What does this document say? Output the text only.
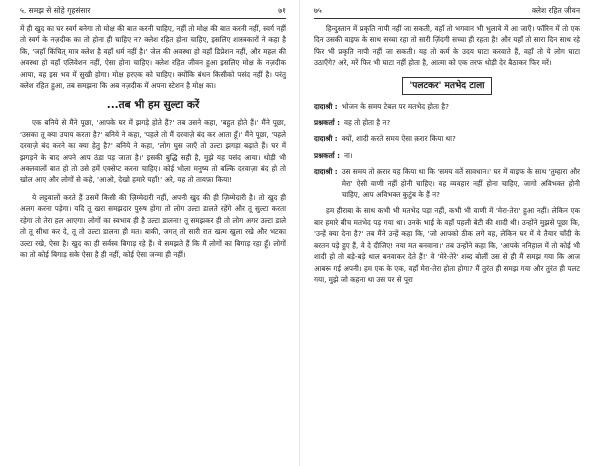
५. समझ से सोहे गृहसंसार	७१

में ही खुद का घर स्वर्ग बनेगा तो मोक्ष की बात करनी चाहिए, नहीं तो मोक्ष की बात करनी नहीं, स्वर्ग नहीं तो स्वर्ग के नज़दीक का तो होना ही चाहिए न? क्लेश रहित होना चाहिए, इसलिए शास्त्रकारों ने कहा है कि, 'जहाँ किंचित् मात्र क्लेश है वहाँ धर्म नहीं है।' जेल की अवस्था हो वहाँ डिप्रेशन नहीं, और महल की अवस्था हो वहाँ एलिवेशन नहीं, ऐसा होना चाहिए। क्लेश रहित जीवन हुआ इसलिए मोक्ष के नज़दीक आया, वह इस भव में सुखी होगा। मोक्ष हरएक को चाहिए। क्योंकि बंधन किसीको पसंद नहीं है। परंतु क्लेश रहित हुआ, तब समझना कि अब नज़दीक में अपना स्टेशन है मोक्ष का।

...तब भी हम सुल्टा करें

एक बनिये से मैंने पूछा, 'आपके घर में झगड़े होते हैं?' तब उसने कहा, 'बहुत होते हैं।' मैंने पूछा, 'उसका तू क्या उपाय करता है?' बनिये ने कहा, 'पहले तो मैं दरवाज़े बंद कर आता हूँ।' मैंने पूछा, 'पहले दरवाज़े बंद करने का क्या हेतु है?' बनिये ने कहा, 'लोग घुस जाएँ तो उल्टा झगड़ा बढ़ाते हैं। घर में झगड़ने के बाद अपने आप ठंडा पड़ जाता है।' इसकी बुद्धि सही है, मुझे यह पसंद आया। थोड़ी भी अक्लवालों बात हो तो उसे हमें एक्सेप्ट करना चाहिए। कोई भोला मनुष्य तो बल्कि दरवाज़ा बंद हो तो खोल आए और लोगों से कहे, 'आओ, देखो हमारे यहाँ!' अरे, यह तो तायफ़ा किया!

ये लट्टवालों करते हैं उसमें किसी की ज़िम्मेदारी नहीं, अपनी खुद की ही ज़िम्मेदारी है। तो खुद ही अलग करना पड़ेगा। यदि तू खरा समझदार पुरुष होगा तो लोग उल्टा डालते रहेंगे और तू सुल्टा करता रहेगा तो तेरा हल आएगा। लोगों का स्वभाव ही है उल्टा डालना! तू समझकर ही तो लोग अगर उल्टा डाले तो तू सीधा कर दे, तू तो उल्टा डालना ही मत। बाकी, जगत् तो सारी रात खत्म खुला रखे और भटका उल्टा रखे, ऐसा है। खुद का ही सर्वस्व बिगाड़ रहे हैं। ये समझते हैं कि मैं लोगों का बिगाड़ रहा हूँ। लोगों का तो कोई बिगाड़ सके ऐसा है ही नहीं, कोई ऐसा जन्मा ही नहीं।

७५	क्लेश रहित जीवन

हिन्दुस्तान में प्रकृति नापी नहीं जा सकती, वहाँ तो भगवान भी भुलावे में आ जाएँ। फॉरिन में तो एक दिन उसकी वाइफ के साथ सच्चा रहा तो सारी ज़िंदगी सच्चा ही रहता है! और यहाँ तो सारा दिन साथ रहे फिर भी प्रकृति नापी नहीं जा सकती। यह तो कर्म के उदय घाटा करवाते हैं, वहाँ तो ये लोग घाटा उठाएँगे? अरे, मरें फिर भी घाटा नहीं होता है, आत्मा को एक तरफ थोड़ी देर बैठाकर फिर मरें।

'पलटकर' मतभेद टाला
दादाश्री : भोजन के समय टेबल पर मतभेद होता है?
प्रश्नकर्ता : वह तो होता है न?
दादाश्री : क्यों, शादी करते समय ऐसा क़रार किया था?
प्रश्नकर्ता : ना।
दादाश्री : उस समय तो क़रार यह किया था कि 'समय वर्ते सावधान।' घर में वाइफ के साथ 'तुम्हारा और मेरा' ऐसी वाणी नहीं होनी चाहिए। वह व्यवहार नहीं होना चाहिए, जागो अविभक्त होनी चाहिए, आप अविभक्त कुटुंब के हैं न?

हम हीराबा के साथ कभी भी मतभेद पड़ा नहीं, कभी भी वाणी में 'मेरा-तेरा' हुआ नहीं। लेकिन एक बार हमारे बीच मतभेद पड़ गया था। उनके भाई के वहाँ पहली बेटी की शादी थी। उन्होंने मुझसे पूछा कि, 'उन्हें क्या देना है?' तब मैंने उन्हें कहा कि, 'जो आपको ठीक लगे वह, लेकिन घर में ये तैयार चाँदी के बरतन पड़े हुए हैं, वे दे दीजिए! नया मत बनवाना।' तब उन्होंने कहा कि, 'आपके ननिहाल में तो कोई भी शादी हो तो बड़े-बड़े थाल बनवाकर देते हैं!' वे 'मेरे-तेरे' शब्द बोलीं उस से ही मैं समझ गया कि आज आबरू गई अपनी। हम एक के एक, वहाँ मेरा-तेरा होता होगा? मैं तुरंत ही समझ गया और तुरंत ही पलट गया, मुझे जो कहना था उस पर से पूरा
